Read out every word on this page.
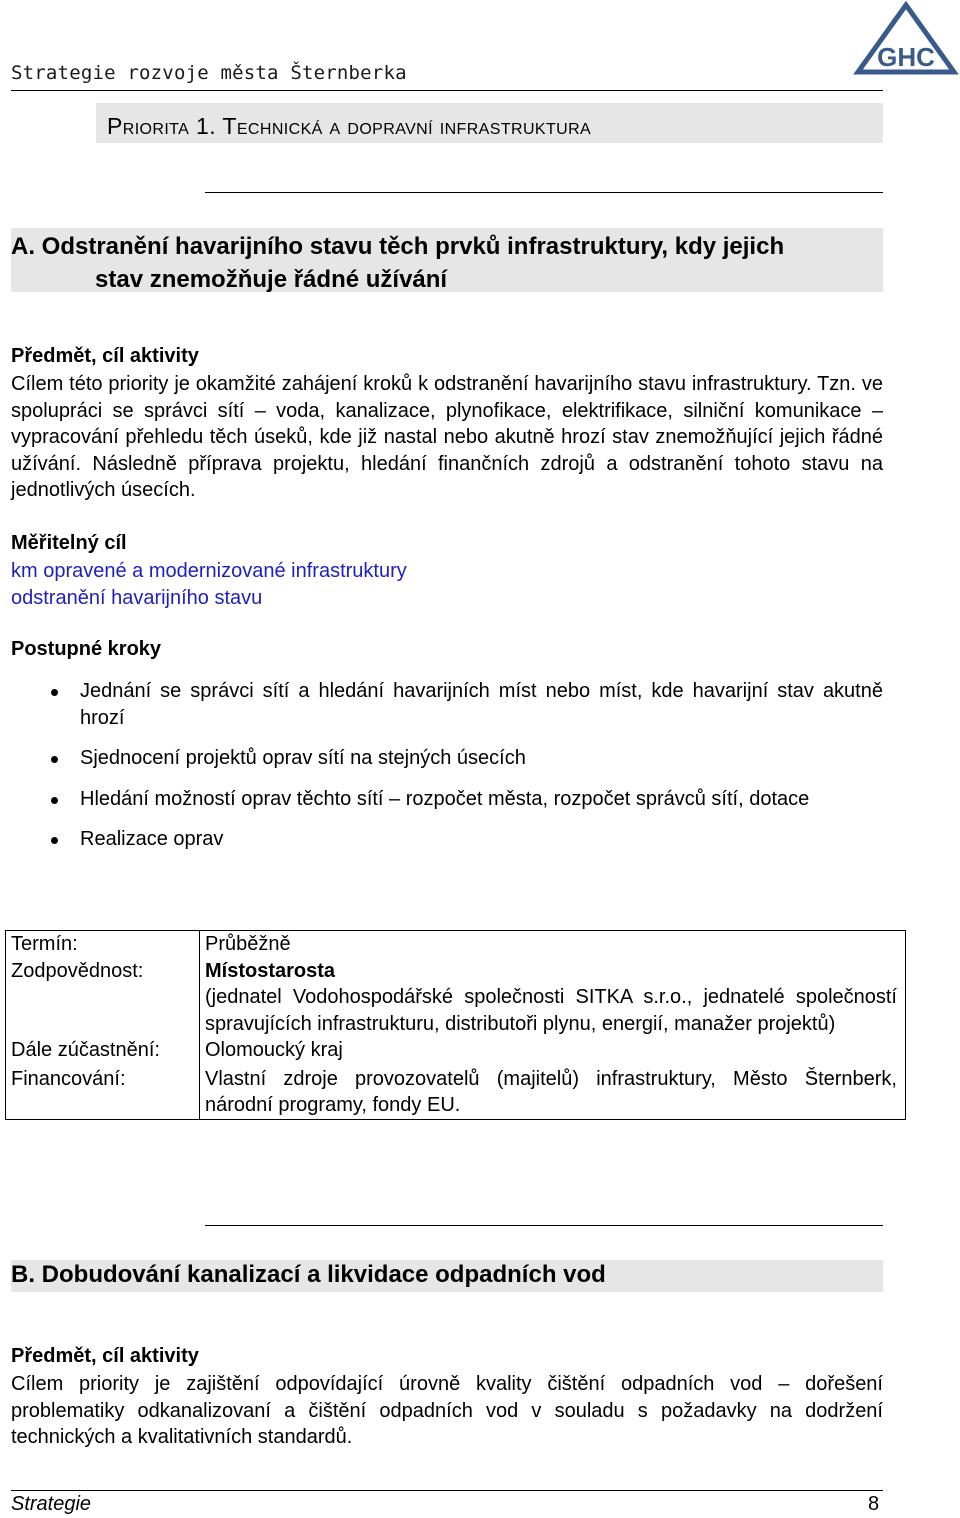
Strategie rozvoje města Šternberka
GHC
Priorita 1. Technická a dopravní infrastruktura
A. Odstranění havarijního stavu těch prvků infrastruktury, kdy jejich
stav znemožňuje řádné užívání
Předmět, cíl aktivity
Cílem této priority je okamžité zahájení kroků k odstranění havarijního stavu infrastruktury. Tzn. ve spolupráci se správci sítí – voda, kanalizace, plynofikace, elektrifikace, silniční komunikace – vypracování přehledu těch úseků, kde již nastal nebo akutně hrozí stav znemožňující jejich řádné užívání. Následně příprava projektu, hledání finančních zdrojů a odstranění tohoto stavu na jednotlivých úsecích.
Měřitelný cíl
km opravené a modernizované infrastruktury
odstranění havarijního stavu
Postupné kroky
Jednání se správci sítí a hledání havarijních míst nebo míst, kde havarijní stav akutně hrozí
Sjednocení projektů oprav sítí na stejných úsecích
Hledání možností oprav těchto sítí – rozpočet města, rozpočet správců sítí, dotace
Realizace oprav
Termín:	Průběžně
Zodpovědnost:	Místostarosta
(jednatel Vodohospodářské společnosti SITKA s.r.o., jednatelé společností spravujících infrastrukturu, distributoři plynu, energií, manažer projektů)

Dále zúčastnění:	Olomoucký kraj
Financování:	Vlastní zdroje provozovatelů (majitelů) infrastruktury, Město Šternberk, národní programy, fondy EU.
B. Dobudování kanalizací a likvidace odpadních vod
Předmět, cíl aktivity
Cílem priority je zajištění odpovídající úrovně kvality čištění odpadních vod – dořešení problematiky odkanalizovaní a čištění odpadních vod v souladu s požadavky na dodržení technických a kvalitativních standardů.
Strategie	8
